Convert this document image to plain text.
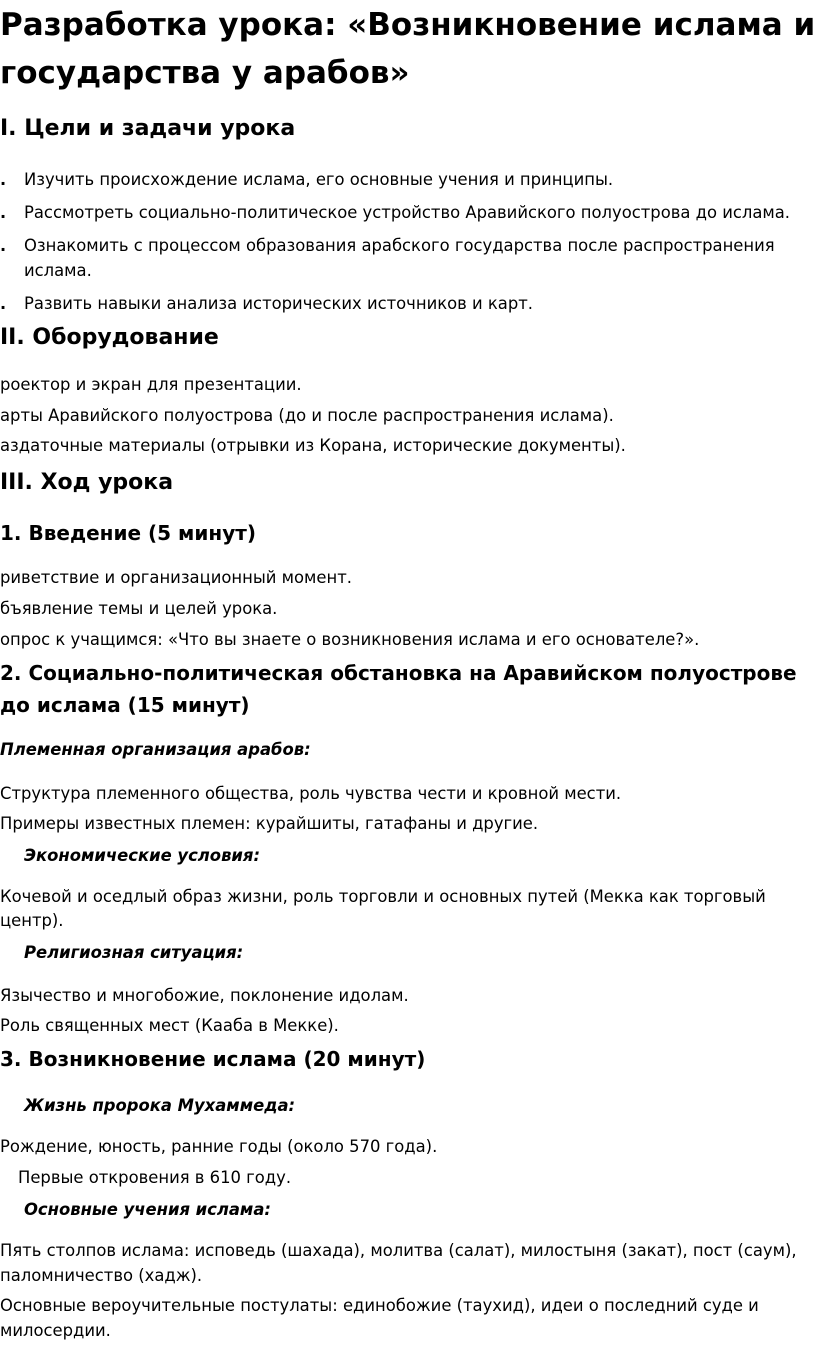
Разработка урока: «Возникновение ислама и
государства у арабов»
I. Цели и задачи урока
. Изучить происхождение ислама, его основные учения и принципы.
. Рассмотреть социально-политическое устройство Аравийского полуострова до ислама.
. Ознакомить с процессом образования арабского государства после распространения
ислама.
. Развить навыки анализа исторических источников и карт.
II. Оборудование
роектор и экран для презентации.
арты Аравийского полуострова (до и после распространения ислама).
аздаточные материалы (отрывки из Корана, исторические документы).
III. Ход урока
1. Введение (5 минут)
риветствие и организационный момент.
бъявление темы и целей урока.
опрос к учащимся: «Что вы знаете о возникновения ислама и его основателе?».
2. Социально-политическая обстановка на Аравийском полуострове
до ислама (15 минут)
Племенная организация арабов:
Структура племенного общества, роль чувства чести и кровной мести.
Примеры известных племен: курайшиты, гатафаны и другие.
Экономические условия:
Кочевой и оседлый образ жизни, роль торговли и основных путей (Мекка как торговый
центр).
Религиозная ситуация:
Язычество и многобожие, поклонение идолам.
Роль священных мест (Кааба в Мекке).
3. Возникновение ислама (20 минут)
Жизнь пророка Мухаммеда:
Рождение, юность, ранние годы (около 570 года).
Первые откровения в 610 году.
Основные учения ислама:
Пять столпов ислама: исповедь (шахада), молитва (салат), милостыня (закат), пост (саум),
паломничество (хадж).
Основные вероучительные постулаты: единобожие (таухид), идеи о последний суде и
милосердии.
